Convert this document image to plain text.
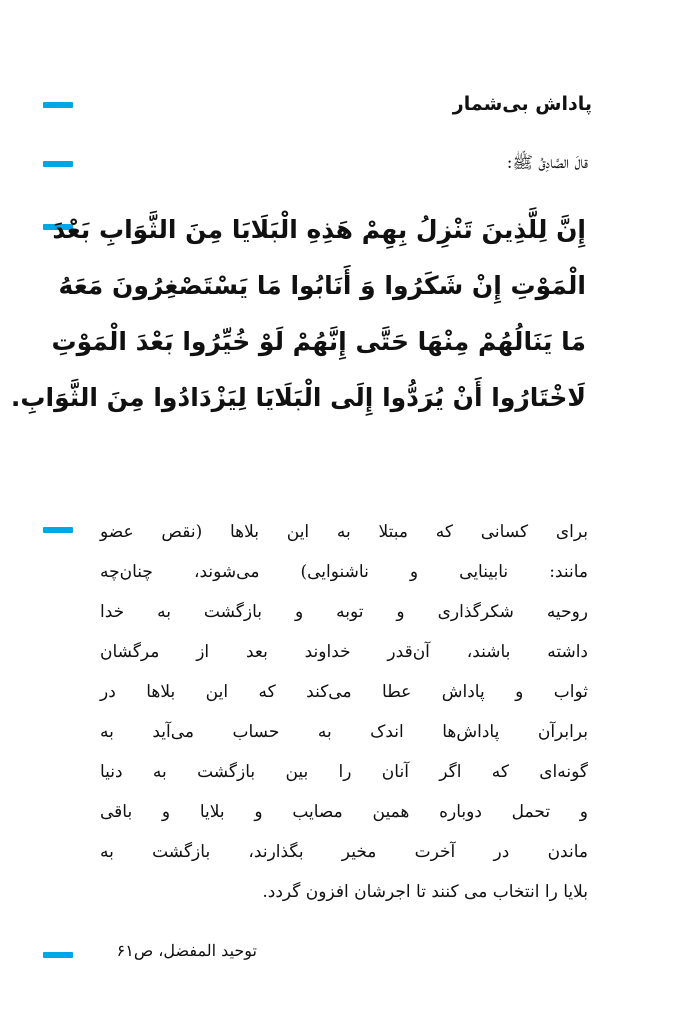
پاداش بی‌شمار
قالَ الصَّادِقُ ﷺ:
إِنَّ لِلَّذِينَ تَنْزِلُ بِهِمْ هَذِهِ الْبَلَايَا مِنَ الثَّوَابِ بَعْدَ
الْمَوْتِ إِنْ شَكَرُوا وَ أَنَابُوا مَا يَسْتَصْغِرُونَ مَعَهُ
مَا يَنَالُهُمْ مِنْهَا حَتَّى إِنَّهُمْ لَوْ خُيِّرُوا بَعْدَ الْمَوْتِ
لَاخْتَارُوا أَنْ يُرَدُّوا إِلَى الْبَلَايَا لِيَزْدَادُوا مِنَ الثَّوَابِ.
برای کسانی که مبتلا به این بلاها (نقص عضو
مانند: نابینایی و ناشنوایی) می‌شوند، چنان‌چه
روحیه شکرگذاری و توبه و بازگشت به خدا
داشته باشند، آن‌قدر خداوند بعد از مرگشان
ثواب و پاداش عطا می‌کند که این بلاها در
برابرآن پاداش‌ها اندک به حساب می‌آید به
گونه‌ای که اگر آنان را بین بازگشت به دنیا
و تحمل دوباره همین مصایب و بلایا و باقی
ماندن در آخرت مخیر بگذارند، بازگشت به
بلایا را انتخاب می کنند تا اجرشان افزون گردد.
توحید المفضل، ص۶۱
